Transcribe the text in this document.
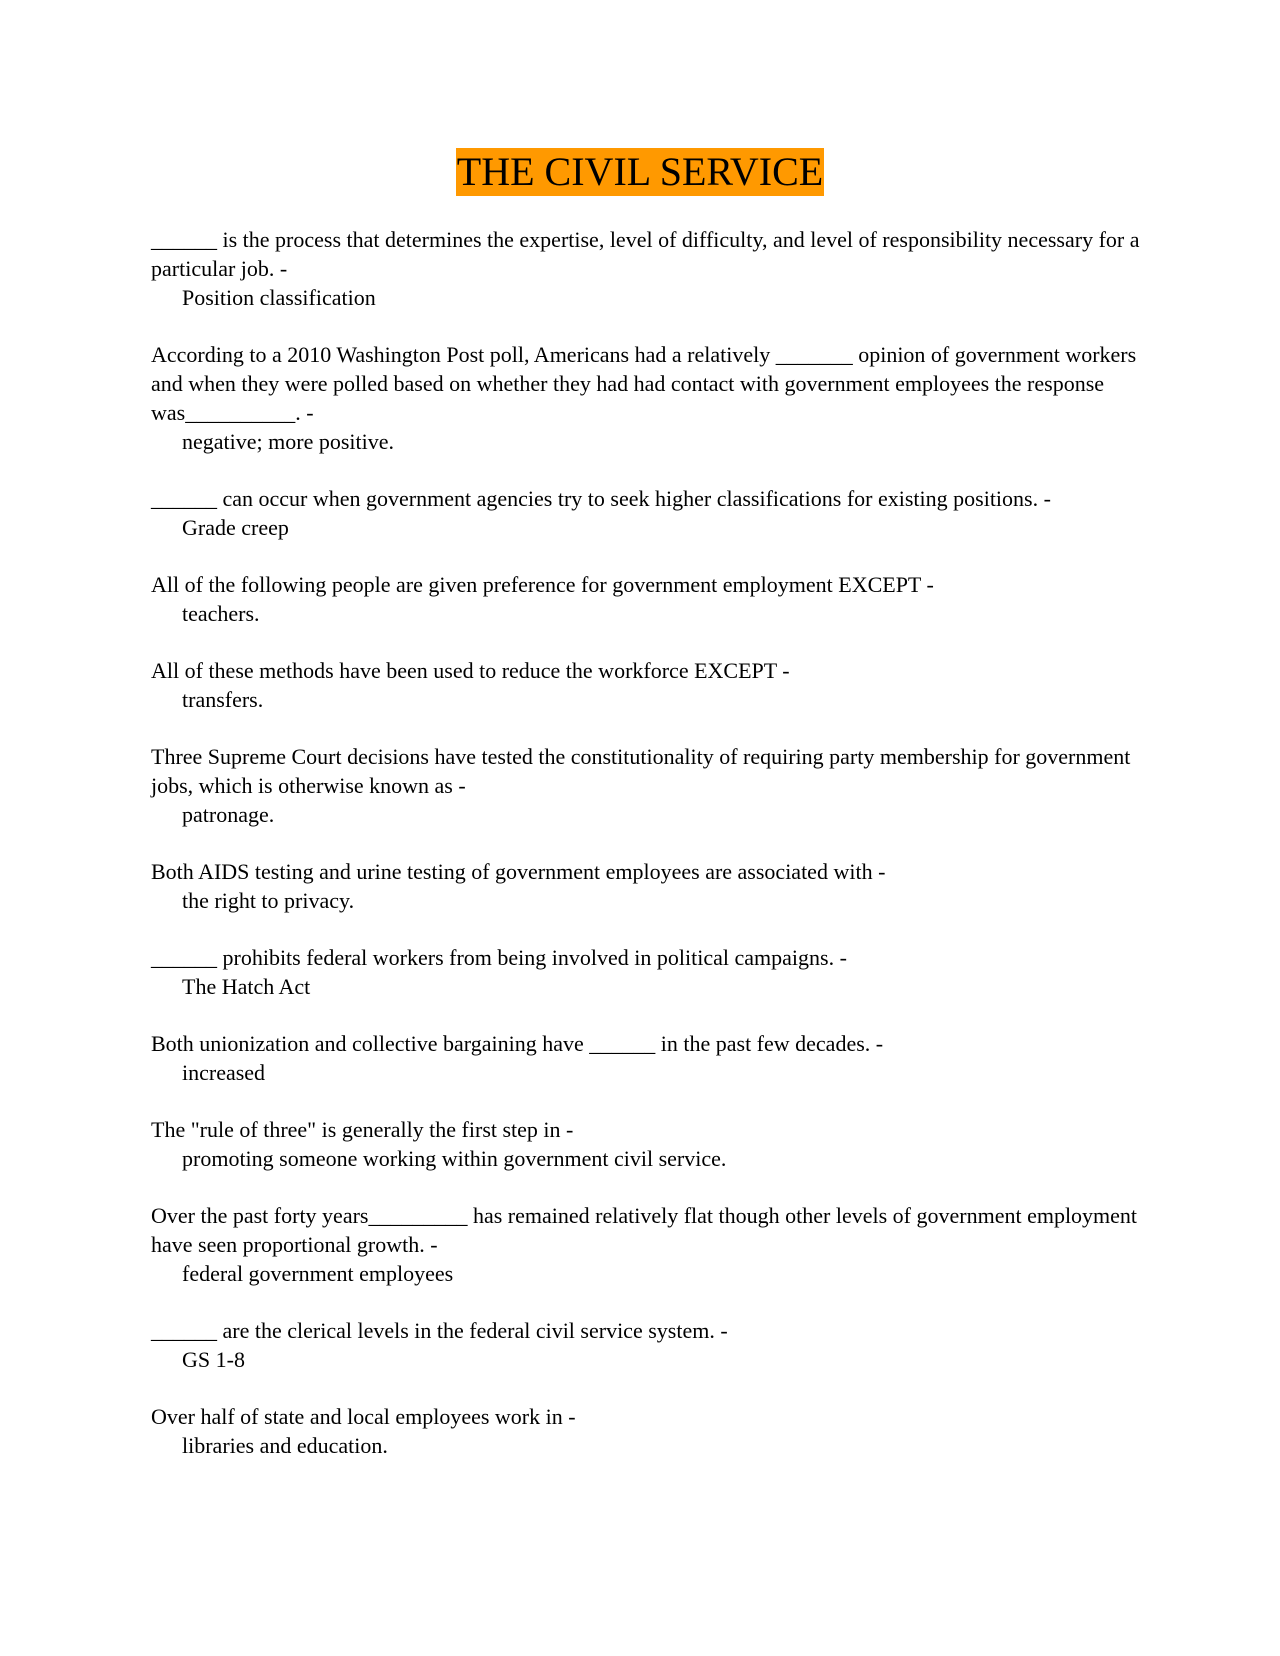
THE CIVIL SERVICE

______ is the process that determines the expertise, level of difficulty, and level of responsibility necessary for a particular job. -

Position classification

According to a 2010 Washington Post poll, Americans had a relatively _______ opinion of government workers and when they were polled based on whether they had had contact with government employees the response was__________. -

negative; more positive.

______ can occur when government agencies try to seek higher classifications for existing positions. -

Grade creep

All of the following people are given preference for government employment EXCEPT -

teachers.

All of these methods have been used to reduce the workforce EXCEPT -

transfers.

Three Supreme Court decisions have tested the constitutionality of requiring party membership for government jobs, which is otherwise known as -

patronage.

Both AIDS testing and urine testing of government employees are associated with -

the right to privacy.

______ prohibits federal workers from being involved in political campaigns. -

The Hatch Act

Both unionization and collective bargaining have ______ in the past few decades. -

increased

The "rule of three" is generally the first step in -

promoting someone working within government civil service.

Over the past forty years_________ has remained relatively flat though other levels of government employment have seen proportional growth. -

federal government employees

______ are the clerical levels in the federal civil service system. -

GS 1-8

Over half of state and local employees work in -

libraries and education.
